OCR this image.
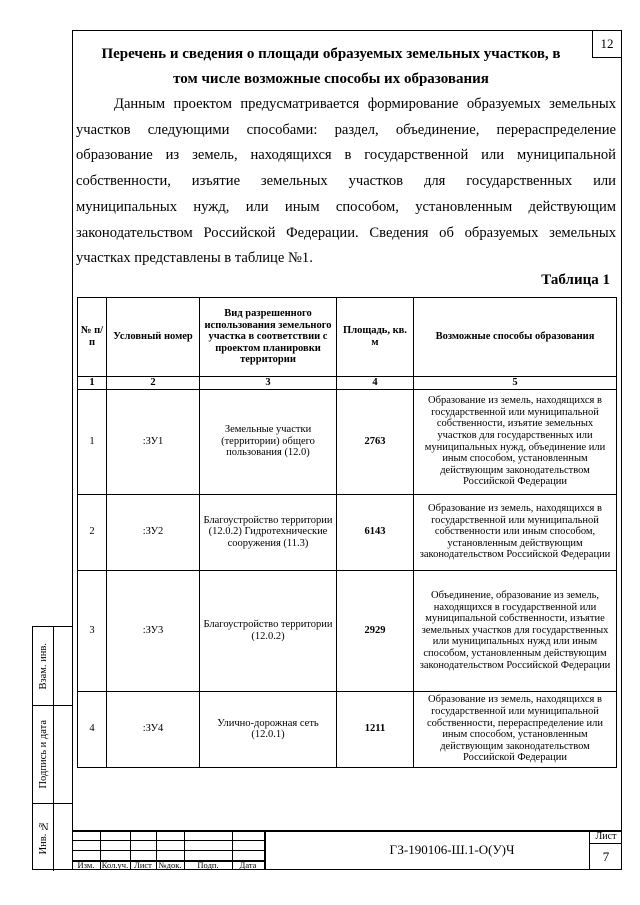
12
Перечень и сведения о площади образуемых земельных участков, в
том числе возможные способы их образования
Данным проектом предусматривается формирование образуемых земельных участков следующими способами: раздел, объединение, перераспределение образование из земель, находящихся в государственной или муниципальной собственности, изъятие земельных участков для государственных или муниципальных нужд, или иным способом, установленным действующим законодательством Российской Федерации. Сведения об образуемых земельных участках представлены в таблице №1.
Таблица 1
№ п/п	Условный номер	Вид разрешенного использования земельного участка в соответствии с проектом планировки территории	Площадь, кв. м	Возможные способы образования
1	2	3	4	5
1	:ЗУ1	Земельные участки (территории) общего пользования (12.0)	2763	Образование из земель, находящихся в государственной или муниципальной собственности, изъятие земельных участков для государственных или муниципальных нужд, объединение или иным способом, установленным действующим законодательством Российской Федерации
2	:ЗУ2	Благоустройство территории (12.0.2) Гидротехнические сооружения (11.3)	6143	Образование из земель, находящихся в государственной или муниципальной собственности или иным способом, установленным действующим законодательством Российской Федерации
3	:ЗУ3	Благоустройство территории (12.0.2)	2929	Объединение, образование из земель, находящихся в государственной или муниципальной собственности, изъятие земельных участков для государственных или муниципальных нужд или иным способом, установленным действующим законодательством Российской Федерации
4	:ЗУ4	Улично-дорожная сеть (12.0.1)	1211	Образование из земель, находящихся в государственной или муниципальной собственности, перераспределение или иным способом, установленным действующим законодательством Российской Федерации
Взам. инв.
Подпись и дата
Инв. №
Изм. Кол.уч. Лист №док.	Подп.	Дата
ГЗ-190106-Ш.1-О(У)Ч
Лист
7
